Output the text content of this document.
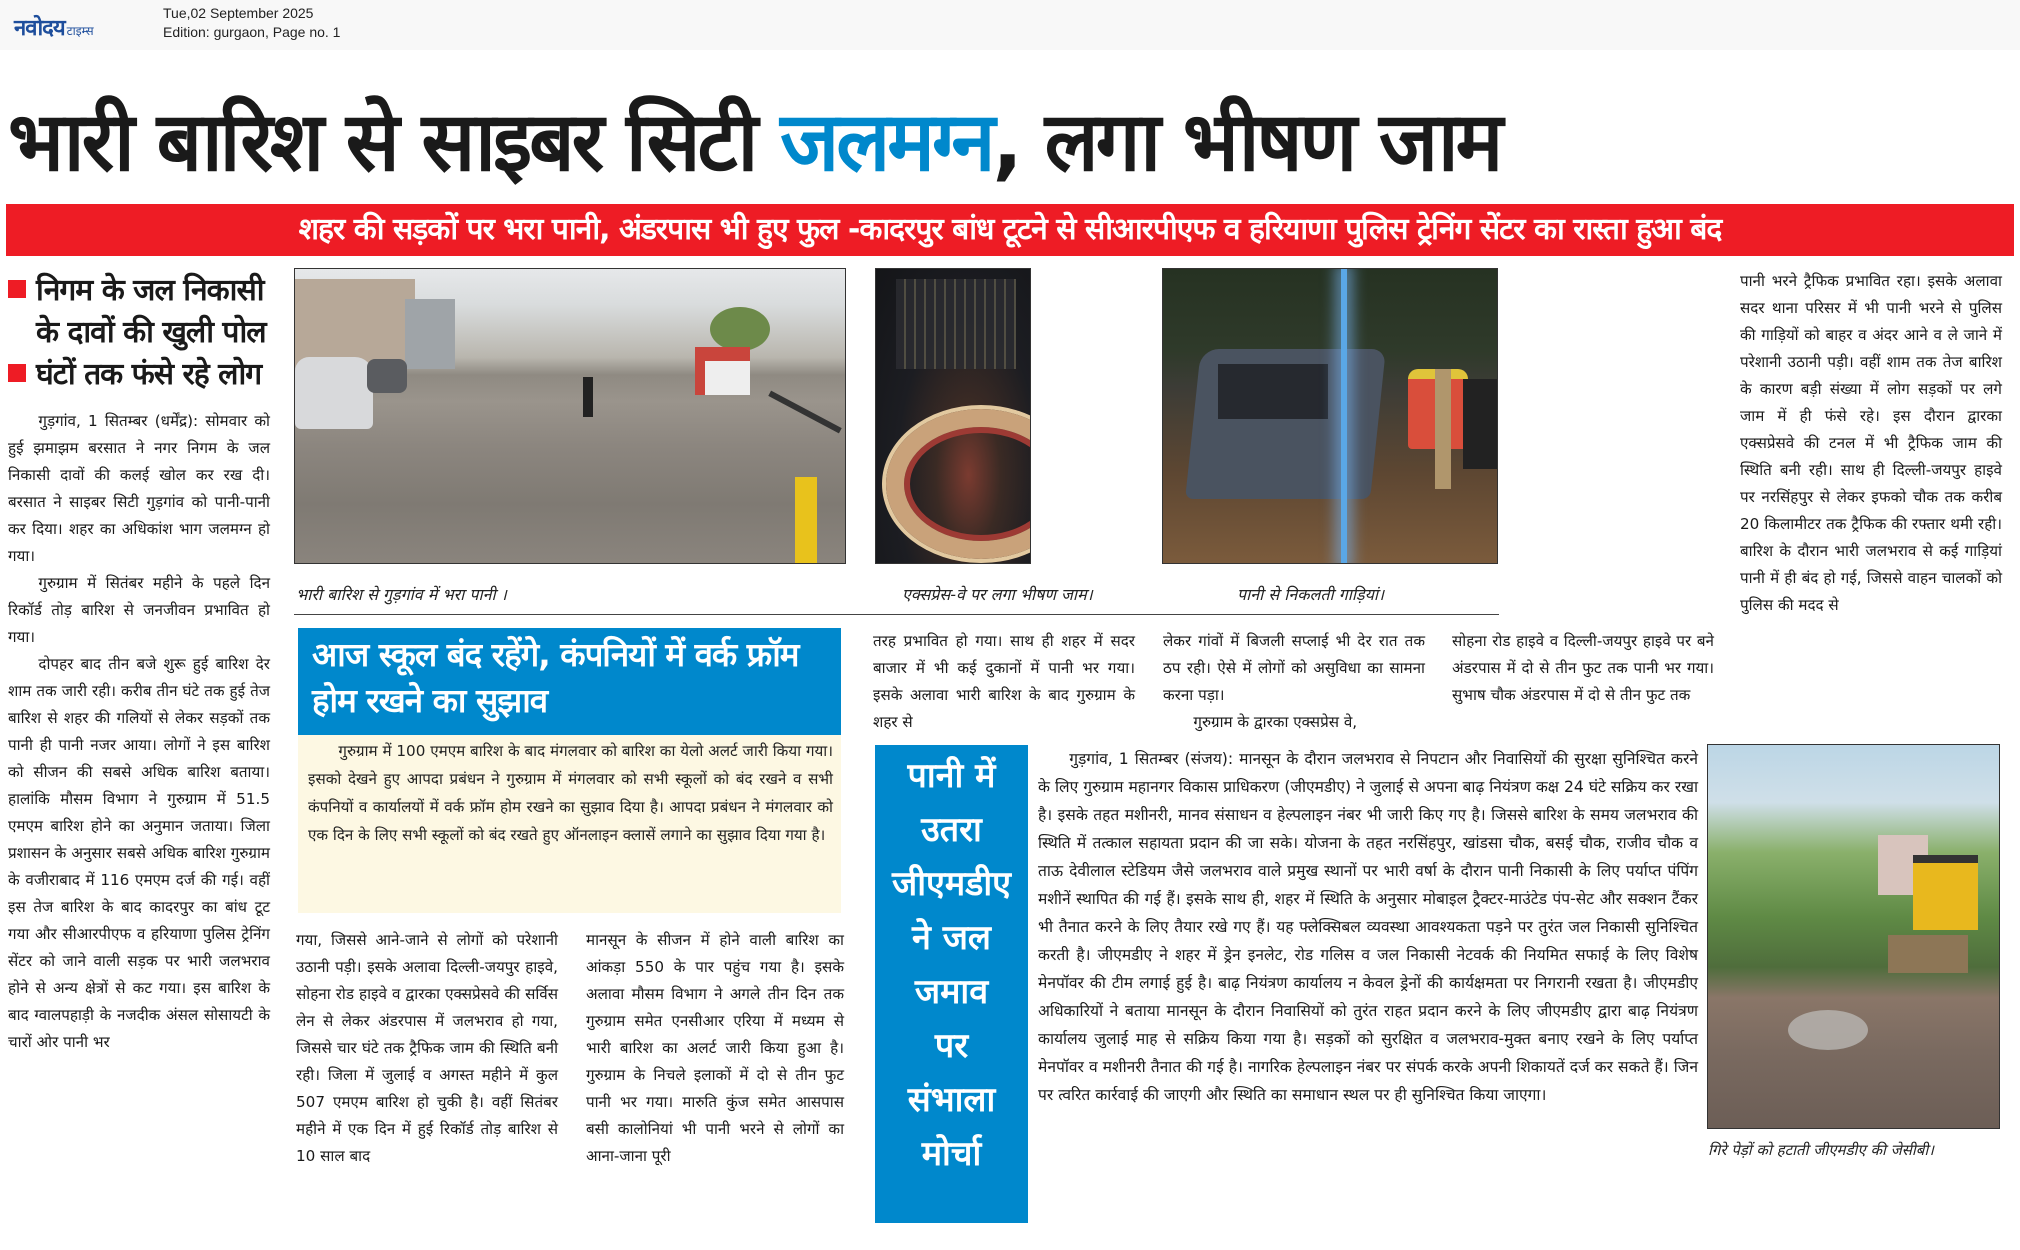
नवोदय टाइम्स
Tue,02 September 2025
Edition: gurgaon, Page no. 1
भारी बारिश से साइबर सिटी जलमग्न, लगा भीषण जाम
शहर की सड़कों पर भरा पानी, अंडरपास भी हुए फुल -कादरपुर बांध टूटने से सीआरपीएफ व हरियाणा पुलिस ट्रेनिंग सेंटर का रास्ता हुआ बंद
निगम के जल निकासी
के दावों की खुली पोल
घंटों तक फंसे रहे लोग

गुड़गांव, 1 सितम्बर (धर्मेंद्र): सोमवार को हुई झमाझम बरसात ने नगर निगम के जल निकासी दावों की कलई खोल कर रख दी। बरसात ने साइबर सिटी गुड़गांव को पानी-पानी कर दिया। शहर का अधिकांश भाग जलमग्न हो गया।

गुरुग्राम में सितंबर महीने के पहले दिन रिकॉर्ड तोड़ बारिश से जनजीवन प्रभावित हो गया।

दोपहर बाद तीन बजे शुरू हुई बारिश देर शाम तक जारी रही। करीब तीन घंटे तक हुई तेज बारिश से शहर की गलियों से लेकर सड़कों तक पानी ही पानी नजर आया। लोगों ने इस बारिश को सीजन की सबसे अधिक बारिश बताया। हालांकि मौसम विभाग ने गुरुग्राम में 51.5 एमएम बारिश होने का अनुमान जताया। जिला प्रशासन के अनुसार सबसे अधिक बारिश गुरुग्राम के वजीराबाद में 116 एमएम दर्ज की गई। वहीं इस तेज बारिश के बाद कादरपुर का बांध टूट गया और सीआरपीएफ व हरियाणा पुलिस ट्रेनिंग सेंटर को जाने वाली सड़क पर भारी जलभराव होने से अन्य क्षेत्रों से कट गया। इस बारिश के बाद ग्वालपहाड़ी के नजदीक अंसल सोसायटी के चारों ओर पानी भर

भारी बारिश से गुड़गांव में भरा पानी ।	एक्सप्रेस-वे पर लगा भीषण जाम।	पानी से निकलती गाड़ियां।

पानी भरने ट्रैफिक प्रभावित रहा। इसके अलावा सदर थाना परिसर में भी पानी भरने से पुलिस की गाड़ियों को बाहर व अंदर आने व ले जाने में परेशानी उठानी पड़ी। वहीं शाम तक तेज बारिश के कारण बड़ी संख्या में लोग सड़कों पर लगे जाम में ही फंसे रहे। इस दौरान द्वारका एक्सप्रेसवे की टनल में भी ट्रैफिक जाम की स्थिति बनी रही। साथ ही दिल्ली-जयपुर हाइवे पर नरसिंहपुर से लेकर इफको चौक तक करीब 20 किलामीटर तक ट्रैफिक की रफ्तार थमी रही। बारिश के दौरान भारी जलभराव से कई गाड़ियां पानी में ही बंद हो गई, जिससे वाहन चालकों को पुलिस की मदद से

आज स्कूल बंद रहेंगे, कंपनियों में वर्क फ्रॉम होम रखने का सुझाव

गुरुग्राम में 100 एमएम बारिश के बाद मंगलवार को बारिश का येलो अलर्ट जारी किया गया। इसको देखने हुए आपदा प्रबंधन ने गुरुग्राम में मंगलवार को सभी स्कूलों को बंद रखने व सभी कंपनियों व कार्यालयों में वर्क फ्रॉम होम रखने का सुझाव दिया है। आपदा प्रबंधन ने मंगलवार को एक दिन के लिए सभी स्कूलों को बंद रखते हुए ऑनलाइन क्लासें लगाने का सुझाव दिया गया है।

गया, जिससे आने-जाने से लोगों को परेशानी उठानी पड़ी। इसके अलावा दिल्ली-जयपुर हाइवे, सोहना रोड हाइवे व द्वारका एक्सप्रेसवे की सर्विस लेन से लेकर अंडरपास में जलभराव हो गया, जिससे चार घंटे तक ट्रैफिक जाम की स्थिति बनी रही। जिला में जुलाई व अगस्त महीने में कुल 507 एमएम बारिश हो चुकी है। वहीं सितंबर महीने में एक दिन में हुई रिकॉर्ड तोड़ बारिश से 10 साल बाद

मानसून के सीजन में होने वाली बारिश का आंकड़ा 550 के पार पहुंच गया है। इसके अलावा मौसम विभाग ने अगले तीन दिन तक गुरुग्राम समेत एनसीआर एरिया में मध्यम से भारी बारिश का अलर्ट जारी किया हुआ है। गुरुग्राम के निचले इलाकों में दो से तीन फुट पानी भर गया। मारुति कुंज समेत आसपास बसी कालोनियां भी पानी भरने से लोगों का आना-जाना पूरी

तरह प्रभावित हो गया। साथ ही शहर में सदर बाजार में भी कई दुकानों में पानी भर गया। इसके अलावा भारी बारिश के बाद गुरुग्राम के शहर से

लेकर गांवों में बिजली सप्लाई भी देर रात तक ठप रही। ऐसे में लोगों को असुविधा का सामना करना पड़ा।

गुरुग्राम के द्वारका एक्सप्रेस वे,

सोहना रोड हाइवे व दिल्ली-जयपुर हाइवे पर बने अंडरपास में दो से तीन फुट तक पानी भर गया। सुभाष चौक अंडरपास में दो से तीन फुट तक

पानी में
उतरा
जीएमडीए
ने जल
जमाव
पर
संभाला
मोर्चा

गुड़गांव, 1 सितम्बर (संजय): मानसून के दौरान जलभराव से निपटान और निवासियों की सुरक्षा सुनिश्चित करने के लिए गुरुग्राम महानगर विकास प्राधिकरण (जीएमडीए) ने जुलाई से अपना बाढ़ नियंत्रण कक्ष 24 घंटे सक्रिय कर रखा है। इसके तहत मशीनरी, मानव संसाधन व हेल्पलाइन नंबर भी जारी किए गए है। जिससे बारिश के समय जलभराव की स्थिति में तत्काल सहायता प्रदान की जा सके। योजना के तहत नरसिंहपुर, खांडसा चौक, बसई चौक, राजीव चौक व ताऊ देवीलाल स्टेडियम जैसे जलभराव वाले प्रमुख स्थानों पर भारी वर्षा के दौरान पानी निकासी के लिए पर्याप्त पंपिंग मशीनें स्थापित की गई हैं। इसके साथ ही, शहर में स्थिति के अनुसार मोबाइल ट्रैक्टर-माउंटेड पंप-सेट और सक्शन टैंकर भी तैनात करने के लिए तैयार रखे गए हैं। यह फ्लेक्सिबल व्यवस्था आवश्यकता पड़ने पर तुरंत जल निकासी सुनिश्चित करती है। जीएमडीए ने शहर में ड्रेन इनलेट, रोड गलिस व जल निकासी नेटवर्क की नियमित सफाई के लिए विशेष मेनपॉवर की टीम लगाई हुई है। बाढ़ नियंत्रण कार्यालय न केवल ड्रेनों की कार्यक्षमता पर निगरानी रखता है। जीएमडीए अधिकारियों ने बताया मानसून के दौरान निवासियों को तुरंत राहत प्रदान करने के लिए जीएमडीए द्वारा बाढ़ नियंत्रण कार्यालय जुलाई माह से सक्रिय किया गया है। सड़कों को सुरक्षित व जलभराव-मुक्त बनाए रखने के लिए पर्याप्त मेनपॉवर व मशीनरी तैनात की गई है। नागरिक हेल्पलाइन नंबर पर संपर्क करके अपनी शिकायतें दर्ज कर सकते हैं। जिन पर त्वरित कार्रवाई की जाएगी और स्थिति का समाधान स्थल पर ही सुनिश्चित किया जाएगा।

गिरे पेड़ों को हटाती जीएमडीए की जेसीबी।
